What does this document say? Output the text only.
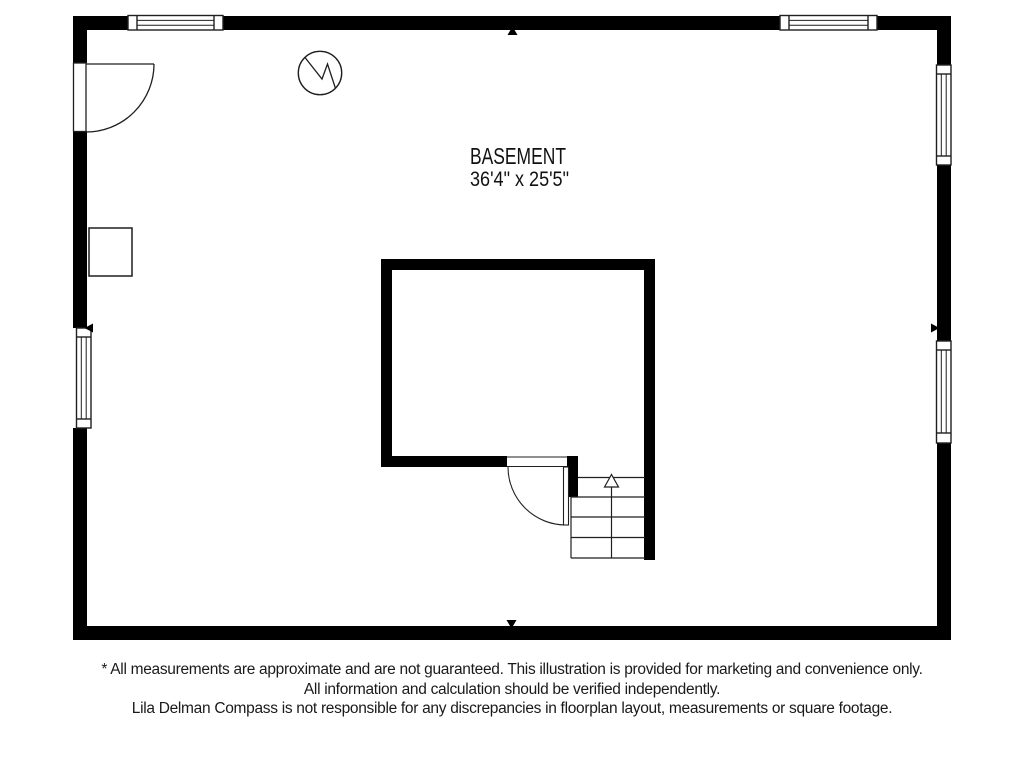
BASEMENT
36'4" x 25'5"
* All measurements are approximate and are not guaranteed. This illustration is provided for marketing and convenience only.
All information and calculation should be verified independently.
Lila Delman Compass is not responsible for any discrepancies in floorplan layout, measurements or square footage.
